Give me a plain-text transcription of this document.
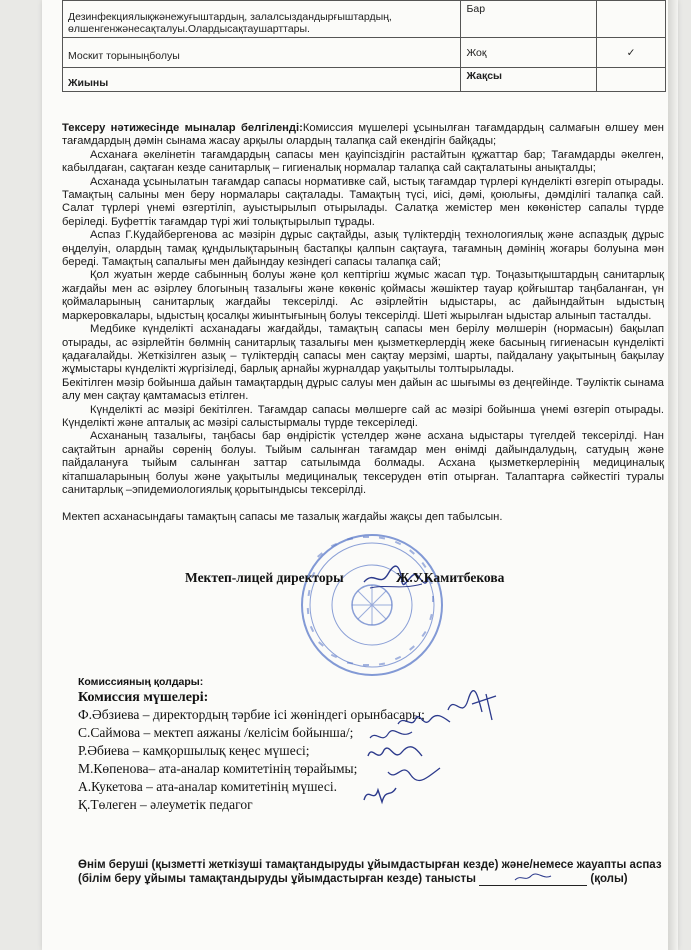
Дезинфекциялықжәнежуғыштардың, залалсыздандырғыштардың, өлшенгенжәнесақталуы.Олардысақтаушарттары.	Бар	
Москит торыныңболуы	Жоқ	✓
Жиыны	Жақсы	

Тексеру нәтижесінде мыналар белгіленді:Комиссия мүшелері ұсынылған тағамдардың салмағын өлшеу мен тағамдардың дәмін сынама жасау арқылы олардың талапқа сай екендігін байқады;

Асханаға әкелінетін тағамдардың сапасы мен қауіпсіздігін растайтын құжаттар бар; Тағамдарды әкелген, кабылдаған, сақтаған кезде санитарлық – гигиеналық нормалар талапқа сай сақталатыны анықталды;

Асханада ұсынылатын тағамдар сапасы нормативке сай, ыстық тағамдар түрлері күнделікті өзгеріп отырады. Тамақтың салыны мен беру нормалары сақталады. Тамақтың түсі, иісі, дәмі, қоюлығы, дәмділігі талапқа сай. Салат түрлері үнемі өзгертіліп, ауыстырылып отырылады. Салатқа жемістер мен көкөністер сапалы түрде беріледі. Буфеттік тағамдар түрі жиі толықтырылып тұрады.

Аспаз Г.Кудайбергенова ас мәзірін дұрыс сақтайды, азық түліктердің технологиялық және аспаздық дұрыс өңделуін, олардың тамақ құндылықтарының бастапқы қалпын сақтауға, тағамның дәмінің жоғары болуына мән береді. Тамақтың сапалығы мен дайындау кезіндегі сапасы талапқа сай;

Қол жуатын жерде сабынның болуы және қол кептіргіш жұмыс жасап тұр. Тоңазытқыштардың санитарлық жағдайы мен ас әзірлеу блогының тазалығы және көкөніс қоймасы жәшіктер тауар қойғыштар таңбаланған, үн қоймаларының санитарлық жағдайы тексерілді. Ас әзірлейтін ыдыстары, ас дайындайтын ыдыстың маркеровкалары, ыдыстың қосалқы жиынтығының болуы тексерілді. Шеті жырылған ыдыстар алынып тасталды.

Медбике күнделікті асханадағы жағдайды, тамақтың сапасы мен берілу мөлшерін (нормасын) бақылап отырады, ас әзірлейтін бөлмнің санитарлық тазалығы мен қызметкерлердің жеке басының гигиенасын күнделікті қадағалайды. Жеткізілген азық – түліктердің сапасы мен сақтау мерзімі, шарты, пайдалану уақытының бақылау жұмыстары күнделікті жүргізіледі, барлық арнайы журналдар уақытылы толтырылады.

Бекітілген мәзір бойынша дайын тамақтардың дұрыс салуы мен дайын ас шығымы өз деңгейінде. Тәуліктік сынама алу мен сақтау қамтамасыз етілген.

Күнделікті ас мәзірі бекітілген. Тағамдар сапасы мөлшерге сай ас мәзірі бойынша үнемі өзгеріп отырады. Күнделікті және апталық ас мәзірі салыстырмалы түрде тексеріледі.

Асхананың тазалығы, таңбасы бар өндірістік үстелдер және асхана ыдыстары түгелдей тексерілді. Нан сақтайтын арнайы сөренің болуы. Тыйым салынған тағамдар мен өнімді дайындалудың, сатудың және пайдалануға тыйым салынған заттар сатылымда болмады. Асхана қызметкерлерінің медициналық кітапшаларының болуы және уақытылы медициналық тексеруден өтіп отырған. Талаптарға сәйкестігі туралы санитарлық –эпидемиологиялық қорытындысы тексерілді.

Мектеп асханасындағы тамақтың сапасы ме тазалық жағдайы жақсы деп табылсын.

Мектеп-лицей директоры	Ж.У.Камитбекова
Комиссияның қолдары:
Комиссия мүшелері:
Ф.Әбзиева – директордың тәрбие ісі жөніндегі орынбасары;
С.Саймова – мектеп аяжаны /келісім бойынша/;
Р.Әбиева – камқоршылық кеңес мүшесі;
М.Көпенова– ата-аналар комитетінің төрайымы;
А.Кукетова – ата-аналар комитетінің мүшесі.
Қ.Төлеген – әлеуметік педагог
Өнім беруші (қызметті жеткізуші тамақтандыруды ұйымдастырған кезде) және/немесе жауапты аспаз (білім беру ұйымы тамақтандыруды ұйымдастырған кезде) танысты	(қолы)
